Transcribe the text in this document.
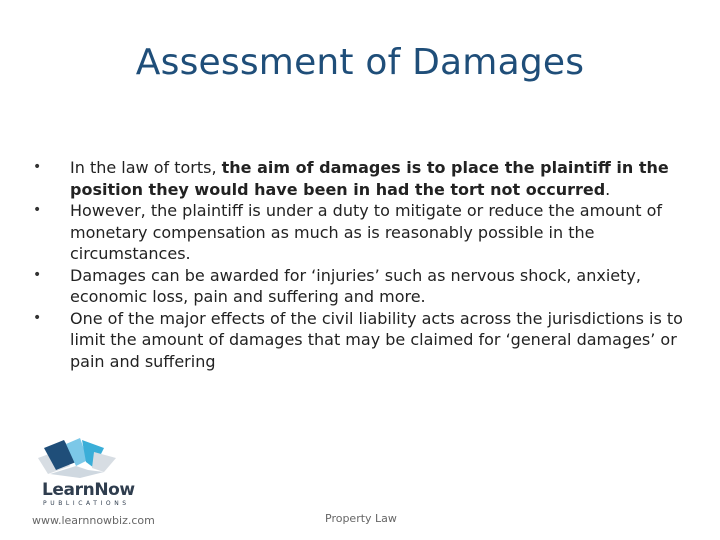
Assessment of Damages
• In the law of torts, the aim of damages is to place the plaintiff in the position they would have been in had the tort not occurred.
• However, the plaintiff is under a duty to mitigate or reduce the amount of monetary compensation as much as is reasonably possible in the circumstances.
• Damages can be awarded for ‘injuries’ such as nervous shock, anxiety, economic loss, pain and suffering and more.
• One of the major effects of the civil liability acts across the jurisdictions is to limit the amount of damages that may be claimed for ‘general damages’ or pain and suffering
LearnNow
PUBLICATIONS
www.learnnowbiz.com	Property Law
